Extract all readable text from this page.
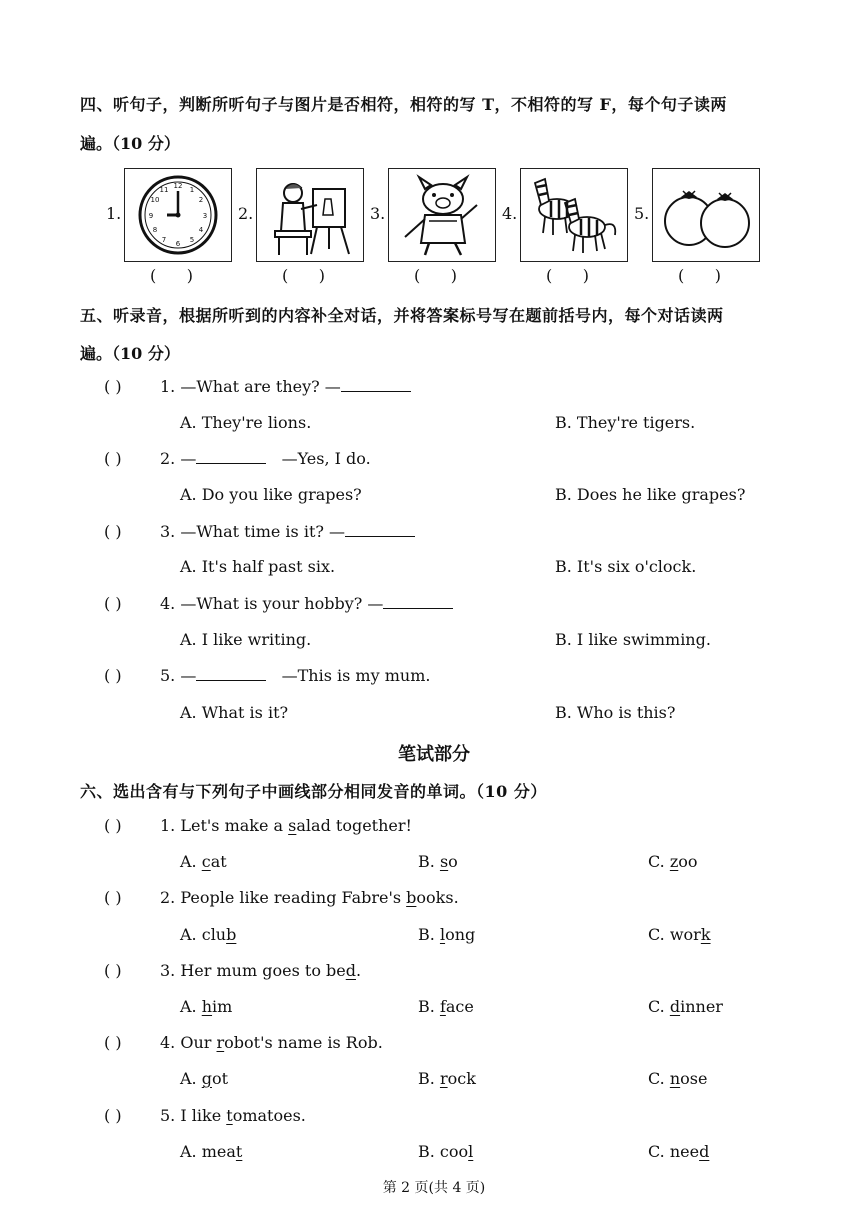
四、听句子，判断所听句子与图片是否相符，相符的写 T，不相符的写 F，每个句子读两
遍。（10 分）
1.
12 1
2
3
4
5
6
7
8
9
10
11
(      )
2.
(      )
3.
(      )
4.
(      )
5.
(      )
五、听录音，根据所听到的内容补全对话，并将答案标号写在题前括号内，每个对话读两
遍。（10 分）
( ) 1. —What are they? —
A. They're lions.	B. They're tigers.
( ) 2. —	—Yes, I do.
A. Do you like grapes?	B. Does he like grapes?
( ) 3. —What time is it? —
A. It's half past six.	B. It's six o'clock.
( ) 4. —What is your hobby? —
A. I like writing.	B. I like swimming.
( ) 5. —	—This is my mum.
A. What is it?	B. Who is this?
笔试部分
六、选出含有与下列句子中画线部分相同发音的单词。（10 分）
( ) 1. Let's make a salad together!
A. cat	B. so	C. zoo
( ) 2. People like reading Fabre's books.
A. club	B. long	C. work
( ) 3. Her mum goes to bed.
A. him	B. face	C. dinner
( ) 4. Our robot's name is Rob.
A. got	B. rock	C. nose
( ) 5. I like tomatoes.
A. meat	B. cool	C. need
第 2 页(共 4 页)
